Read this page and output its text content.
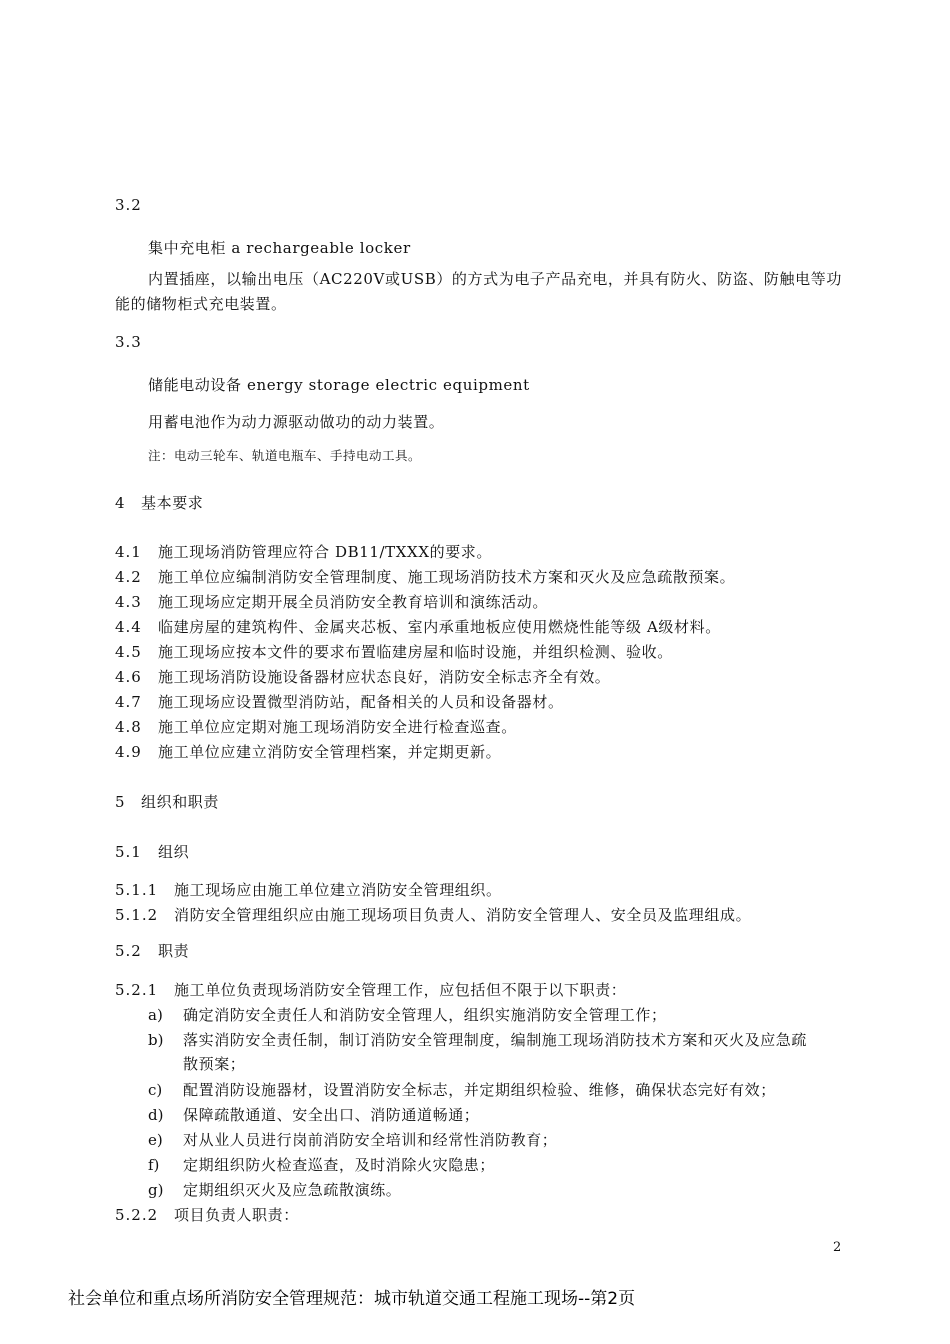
3.2
集中充电柜 a rechargeable locker
内置插座，以输出电压（AC220V或USB）的方式为电子产品充电，并具有防火、防盗、防触电等功
能的储物柜式充电装置。
3.3
储能电动设备 energy storage electric equipment
用蓄电池作为动力源驱动做功的动力装置。
注：电动三轮车、轨道电瓶车、手持电动工具。
4 基本要求
4.1 施工现场消防管理应符合 DB11/TXXX的要求。
4.2 施工单位应编制消防安全管理制度、施工现场消防技术方案和灭火及应急疏散预案。
4.3 施工现场应定期开展全员消防安全教育培训和演练活动。
4.4 临建房屋的建筑构件、金属夹芯板、室内承重地板应使用燃烧性能等级 A级材料。
4.5 施工现场应按本文件的要求布置临建房屋和临时设施，并组织检测、验收。
4.6 施工现场消防设施设备器材应状态良好，消防安全标志齐全有效。
4.7 施工现场应设置微型消防站，配备相关的人员和设备器材。
4.8 施工单位应定期对施工现场消防安全进行检查巡查。
4.9 施工单位应建立消防安全管理档案，并定期更新。
5 组织和职责
5.1 组织
5.1.1 施工现场应由施工单位建立消防安全管理组织。
5.1.2 消防安全管理组织应由施工现场项目负责人、消防安全管理人、安全员及监理组成。
5.2 职责
5.2.1 施工单位负责现场消防安全管理工作，应包括但不限于以下职责：
a) 确定消防安全责任人和消防安全管理人，组织实施消防安全管理工作；
b) 落实消防安全责任制，制订消防安全管理制度，编制施工现场消防技术方案和灭火及应急疏
散预案；
c) 配置消防设施器材，设置消防安全标志，并定期组织检验、维修，确保状态完好有效；
d) 保障疏散通道、安全出口、消防通道畅通；
e) 对从业人员进行岗前消防安全培训和经常性消防教育；
f) 定期组织防火检查巡查，及时消除火灾隐患；
g) 定期组织灭火及应急疏散演练。
5.2.2 项目负责人职责：
2
社会单位和重点场所消防安全管理规范：城市轨道交通工程施工现场--第2页
